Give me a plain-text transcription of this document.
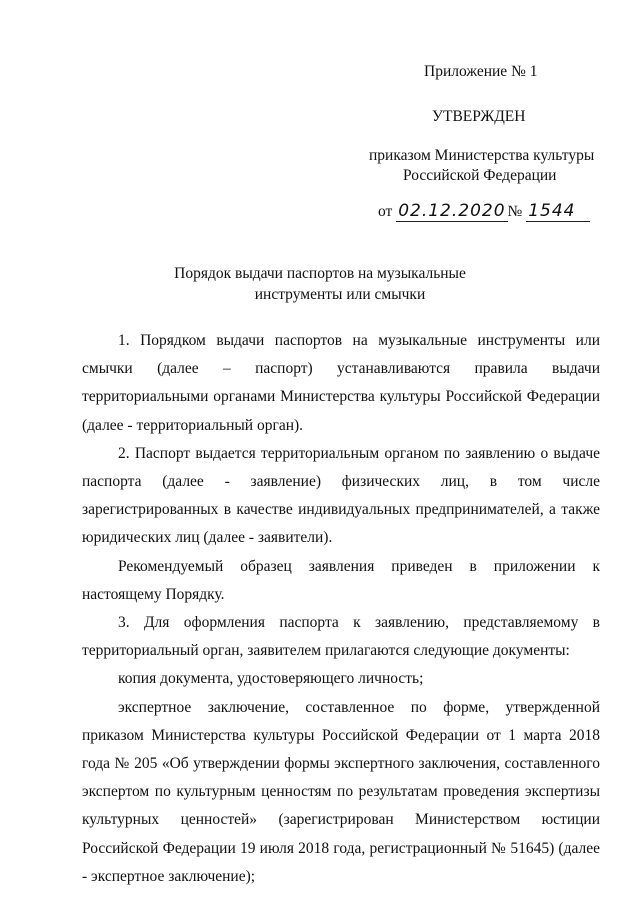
Приложение № 1
УТВЕРЖДЕН
приказом Министерства культуры
Российской Федерации
от 02.12.2020 № 1544
Порядок выдачи паспортов на музыкальные
инструменты или смычки

1. Порядком выдачи паспортов на музыкальные инструменты или смычки (далее – паспорт) устанавливаются правила выдачи территориальными органами Министерства культуры Российской Федерации (далее - территориальный орган).

2. Паспорт выдается территориальным органом по заявлению о выдаче паспорта (далее - заявление) физических лиц, в том числе зарегистрированных в качестве индивидуальных предпринимателей, а также юридических лиц (далее - заявители).

Рекомендуемый образец заявления приведен в приложении к настоящему Порядку.

3. Для оформления паспорта к заявлению, представляемому в территориальный орган, заявителем прилагаются следующие документы:

копия документа, удостоверяющего личность;

экспертное заключение, составленное по форме, утвержденной приказом Министерства культуры Российской Федерации от 1 марта 2018 года № 205 «Об утверждении формы экспертного заключения, составленного экспертом по культурным ценностям по результатам проведения экспертизы культурных ценностей» (зарегистрирован Министерством юстиции Российской Федерации 19 июля 2018 года, регистрационный № 51645) (далее - экспертное заключение);
